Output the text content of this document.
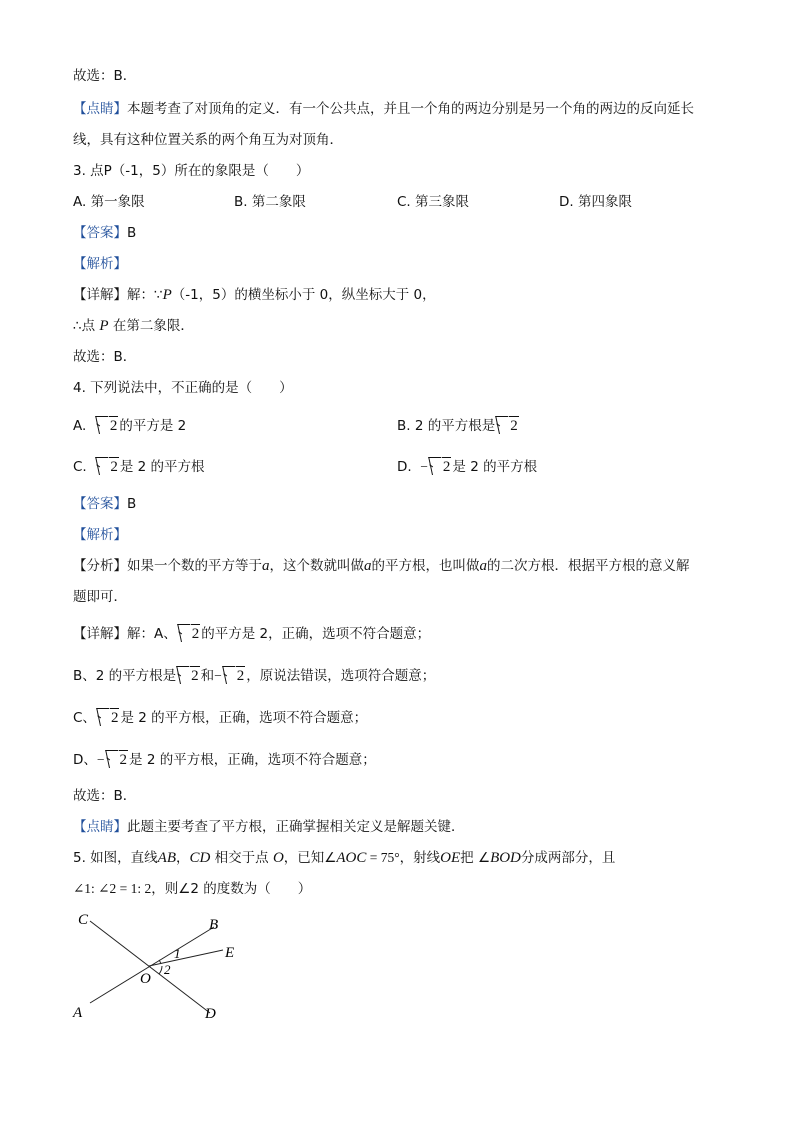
故选：B．
【点睛】本题考查了对顶角的定义．有一个公共点，并且一个角的两边分别是另一个角的两边的反向延长
线，具有这种位置关系的两个角互为对顶角．
3. 点P（-1，5）所在的象限是（　　）
A. 第一象限	B. 第二象限	C. 第三象限	D. 第四象限
【答案】B
【解析】
【详解】解：∵P（-1，5）的横坐标小于 0，纵坐标大于 0，
∴点 P 在第二象限．
故选：B．
4. 下列说法中，不正确的是（　　）
A. 2 的平方是 2	B. 2 的平方根是 2
C. 2 是 2 的平方根	D. − 2 是 2 的平方根
【答案】B
【解析】
【分析】如果一个数的平方等于a，这个数就叫做a的平方根，也叫做a的二次方根．根据平方根的意义解
题即可．
【详解】解：A、 2 的平方是 2，正确，选项不符合题意；
B、2 的平方根是 2 和− 2 ，原说法错误，选项符合题意；
C、 2 是 2 的平方根，正确，选项不符合题意；
D、− 2 是 2 的平方根，正确，选项不符合题意；
故选：B．
【点睛】此题主要考查了平方根，正确掌握相关定义是解题关键．
5. 如图，直线AB，CD 相交于点 O，已知∠AOC = 75°，射线OE把 ∠BOD分成两部分，且
∠1: ∠2 = 1: 2，则∠2 的度数为（　　）
C	B
E
O
A	D
1
2
